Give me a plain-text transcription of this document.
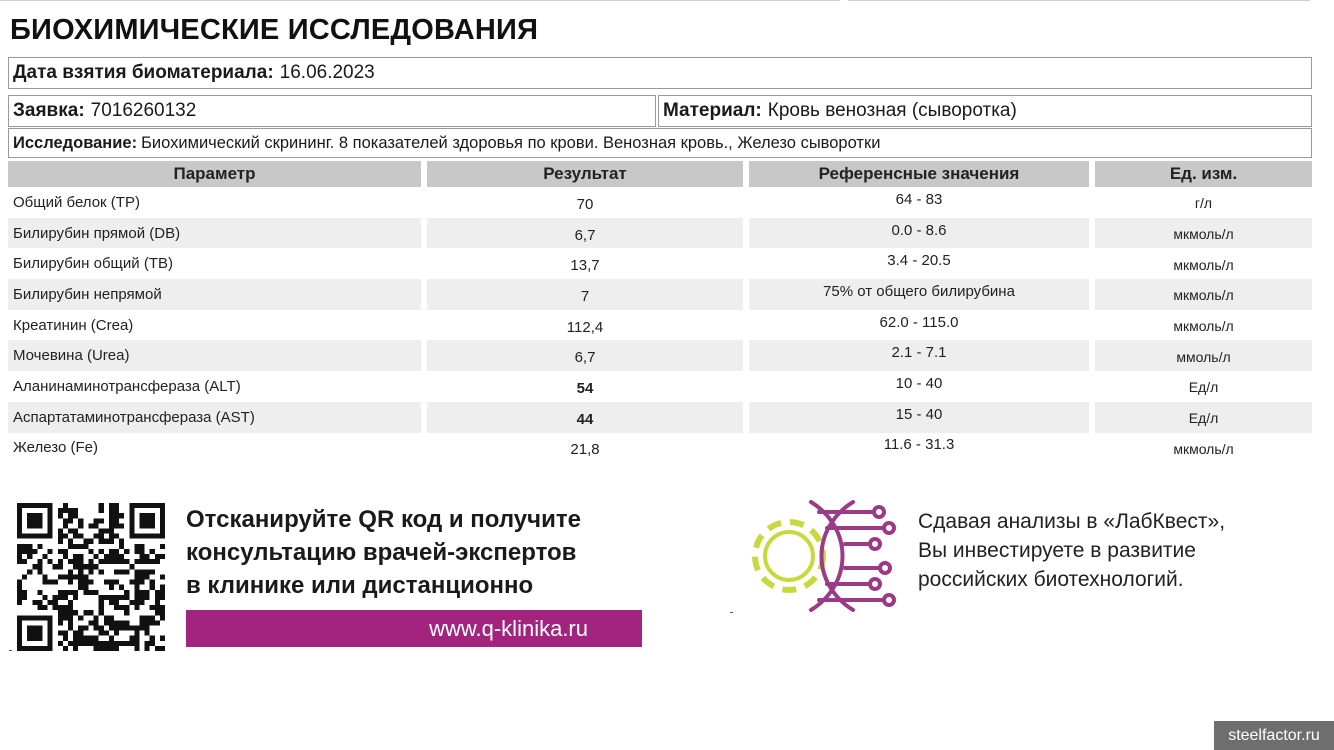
БИОХИМИЧЕСКИЕ ИССЛЕДОВАНИЯ
Дата взятия биоматериала: 16.06.2023
Заявка: 7016260132	Материал: Кровь венозная (сыворотка)
Исследование: Биохимический скрининг. 8 показателей здоровья по крови. Венозная кровь., Железо сыворотки
Параметр	Результат	Референсные значения	Ед. изм.
Общий белок (TP)	70	64 - 83	г/л
Билирубин прямой (DB)	6,7	0.0 - 8.6	мкмоль/л
Билирубин общий (TB)	13,7	3.4 - 20.5	мкмоль/л
Билирубин непрямой	7	75% от общего билирубина	мкмоль/л
Креатинин (Crea)	112,4	62.0 - 115.0	мкмоль/л
Мочевина (Urea)	6,7	2.1 - 7.1	ммоль/л
Аланинаминотрансфераза (ALT)	54	10 - 40	Ед/л
Аспартатаминотрансфераза (AST)	44	15 - 40	Ед/л
Железо (Fe)	21,8	11.6 - 31.3	мкмоль/л
Отсканируйте QR код и получите
консультацию врачей-экспертов
в клинике или дистанционно
www.q-klinika.ru
Сдавая анализы в «ЛабКвест»,
Вы инвестируете в развитие
российских биотехнологий.
steelfactor.ru
